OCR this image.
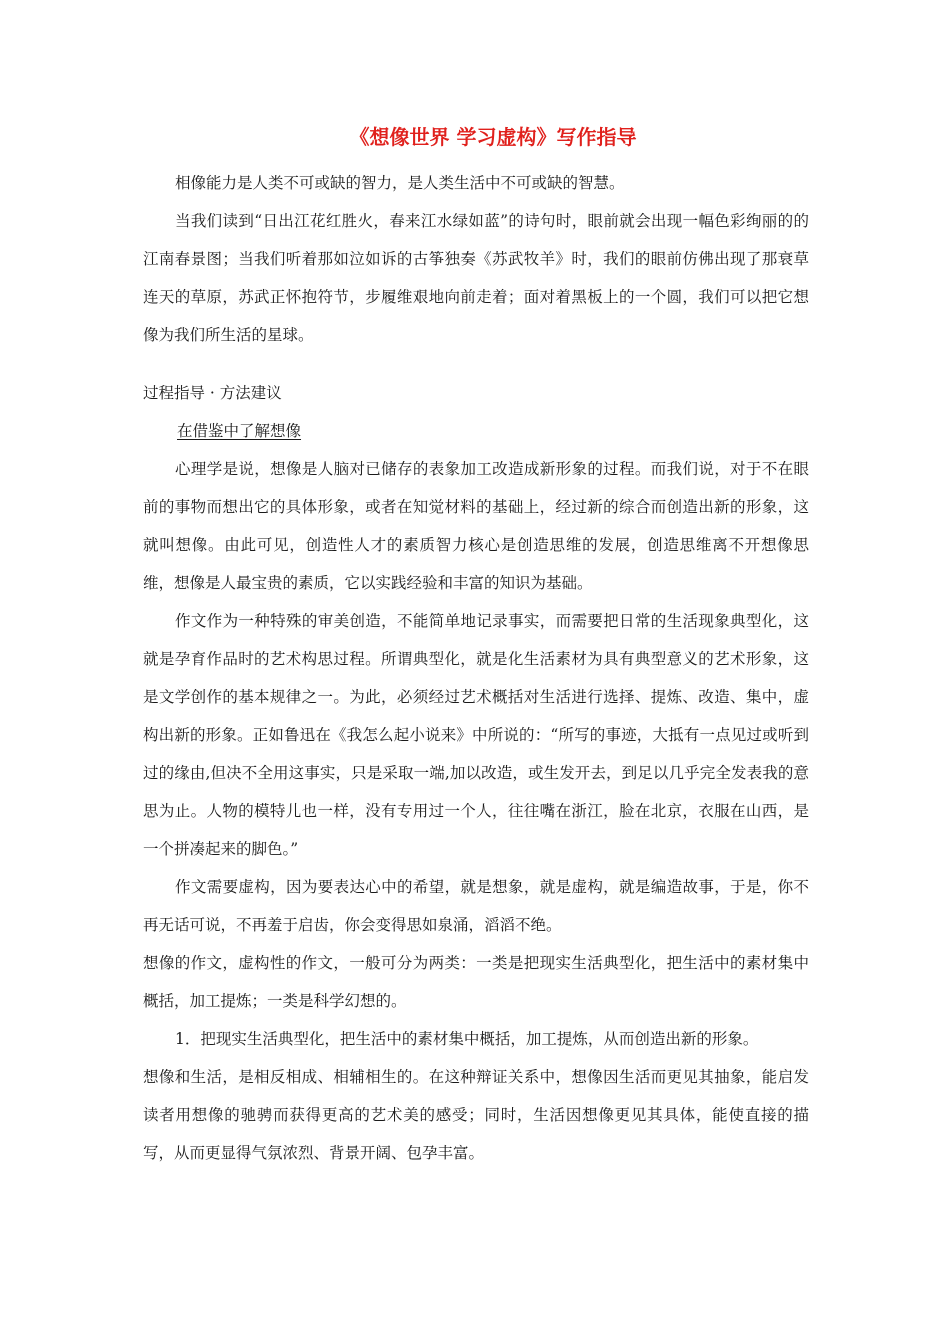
《想像世界 学习虚构》写作指导

相像能力是人类不可或缺的智力，是人类生活中不可或缺的智慧。

当我们读到“日出江花红胜火，春来江水绿如蓝”的诗句时，眼前就会出现一幅色彩绚丽的的江南春景图；当我们听着那如泣如诉的古筝独奏《苏武牧羊》时，我们的眼前仿佛出现了那衰草连天的草原，苏武正怀抱符节，步履维艰地向前走着；面对着黑板上的一个圆，我们可以把它想像为我们所生活的星球。

过程指导 · 方法建议

在借鉴中了解想像

心理学是说，想像是人脑对已储存的表象加工改造成新形象的过程。而我们说，对于不在眼前的事物而想出它的具体形象，或者在知觉材料的基础上，经过新的综合而创造出新的形象，这就叫想像。由此可见，创造性人才的素质智力核心是创造思维的发展，创造思维离不开想像思维，想像是人最宝贵的素质，它以实践经验和丰富的知识为基础。

作文作为一种特殊的审美创造，不能简单地记录事实，而需要把日常的生活现象典型化，这就是孕育作品时的艺术构思过程。所谓典型化，就是化生活素材为具有典型意义的艺术形象，这是文学创作的基本规律之一。为此，必须经过艺术概括对生活进行选择、提炼、改造、集中，虚构出新的形象。正如鲁迅在《我怎么起小说来》中所说的：“所写的事迹，大抵有一点见过或听到过的缘由,但决不全用这事实，只是采取一端,加以改造，或生发开去，到足以几乎完全发表我的意思为止。人物的模特儿也一样，没有专用过一个人，往往嘴在浙江，脸在北京，衣服在山西，是一个拼凑起来的脚色。”

作文需要虚构，因为要表达心中的希望，就是想象，就是虚构，就是编造故事，于是，你不再无话可说，不再羞于启齿，你会变得思如泉涌，滔滔不绝。

想像的作文，虚构性的作文，一般可分为两类：一类是把现实生活典型化，把生活中的素材集中概括，加工提炼；一类是科学幻想的。

1．把现实生活典型化，把生活中的素材集中概括，加工提炼，从而创造出新的形象。

想像和生活，是相反相成、相辅相生的。在这种辩证关系中，想像因生活而更见其抽象，能启发读者用想像的驰骋而获得更高的艺术美的感受；同时，生活因想像更见其具体，能使直接的描写，从而更显得气氛浓烈、背景开阔、包孕丰富。
